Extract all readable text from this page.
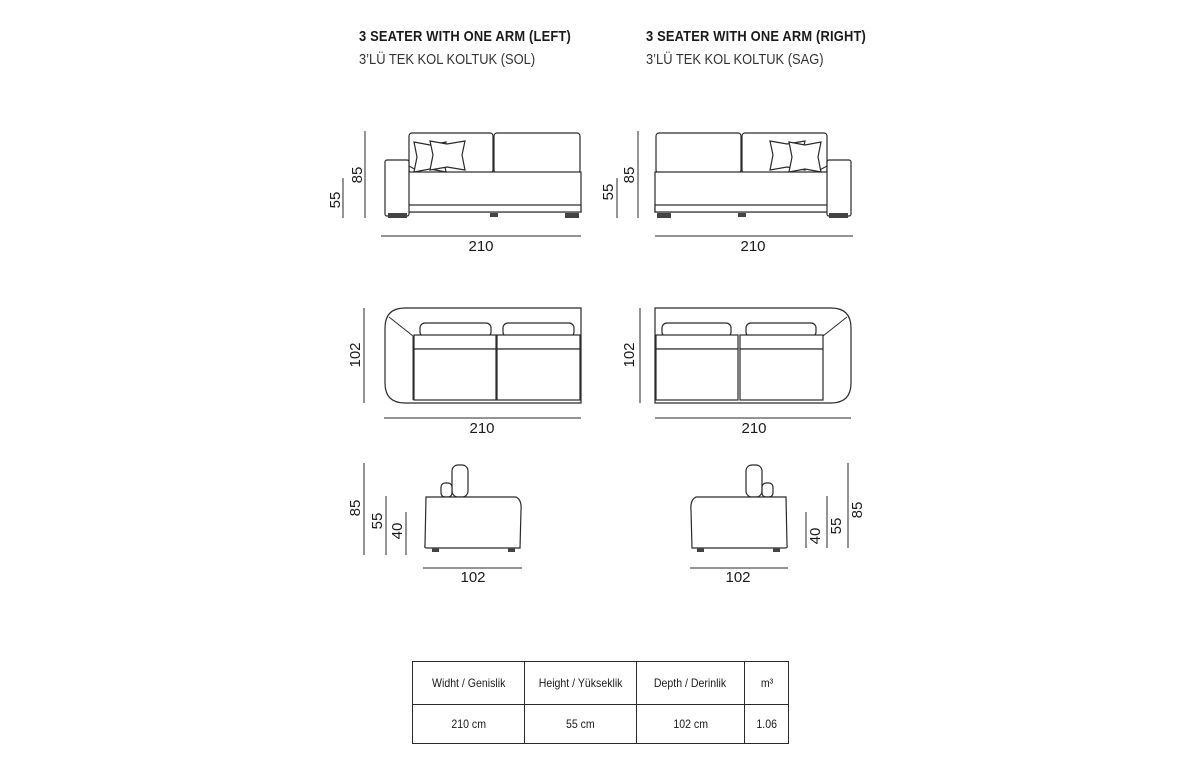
3 SEATER WITH ONE ARM (LEFT)
3’LÜ TEK KOL KOLTUK (SOL)
3 SEATER WITH ONE ARM (RIGHT)
3’LÜ TEK KOL KOLTUK (SAG)
55
85
210
55
85
210
102
210
102
210
85
55
40
102
40
55
85
102
Widht / Genislik	Height / Yükseklik	Depth / Derinlik	m³
210 cm	55 cm	102 cm	1.06
